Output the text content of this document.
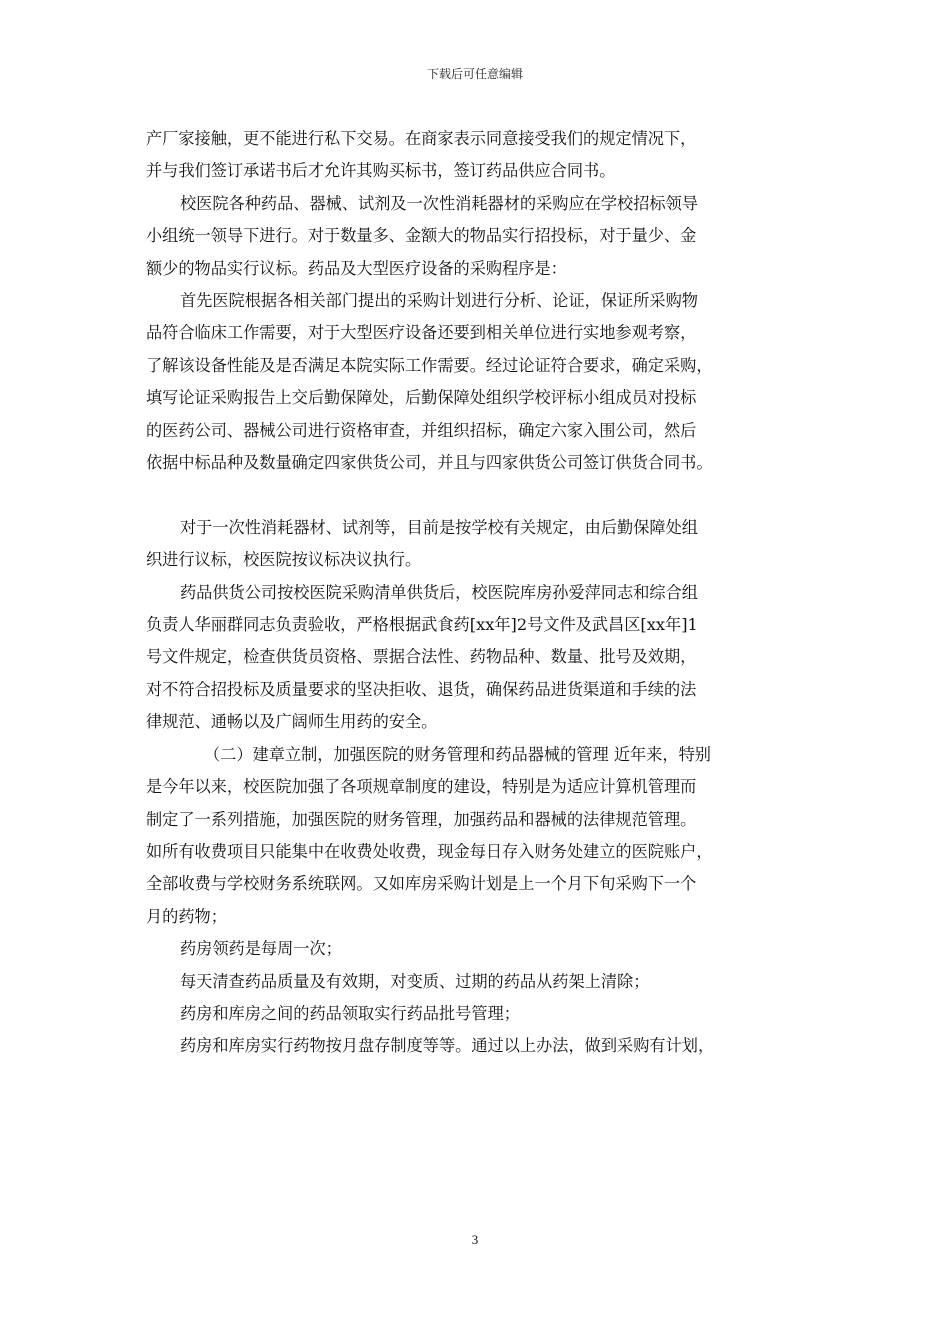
下载后可任意编辑

产厂家接触，更不能进行私下交易。在商家表示同意接受我们的规定情况下，

并与我们签订承诺书后才允许其购买标书，签订药品供应合同书。

校医院各种药品、器械、试剂及一次性消耗器材的采购应在学校招标领导

小组统一领导下进行。对于数量多、金额大的物品实行招投标，对于量少、金

额少的物品实行议标。药品及大型医疗设备的采购程序是：

首先医院根据各相关部门提出的采购计划进行分析、论证，保证所采购物

品符合临床工作需要，对于大型医疗设备还要到相关单位进行实地参观考察，

了解该设备性能及是否满足本院实际工作需要。经过论证符合要求，确定采购，

填写论证采购报告上交后勤保障处，后勤保障处组织学校评标小组成员对投标

的医药公司、器械公司进行资格审查，并组织招标，确定六家入围公司，然后

依据中标品种及数量确定四家供货公司，并且与四家供货公司签订供货合同书。

对于一次性消耗器材、试剂等，目前是按学校有关规定，由后勤保障处组

织进行议标，校医院按议标决议执行。

药品供货公司按校医院采购清单供货后，校医院库房孙爱萍同志和综合组

负责人华丽群同志负责验收，严格根据武食药[xx年]2号文件及武昌区[xx年]1

号文件规定，检查供货员资格、票据合法性、药物品种、数量、批号及效期，

对不符合招投标及质量要求的坚决拒收、退货，确保药品进货渠道和手续的法

律规范、通畅以及广阔师生用药的安全。

（二）建章立制，加强医院的财务管理和药品器械的管理 近年来，特别

是今年以来，校医院加强了各项规章制度的建设，特别是为适应计算机管理而

制定了一系列措施，加强医院的财务管理，加强药品和器械的法律规范管理。

如所有收费项目只能集中在收费处收费，现金每日存入财务处建立的医院账户，

全部收费与学校财务系统联网。又如库房采购计划是上一个月下旬采购下一个

月的药物；

药房领药是每周一次；

每天清查药品质量及有效期，对变质、过期的药品从药架上清除；

药房和库房之间的药品领取实行药品批号管理；

药房和库房实行药物按月盘存制度等等。通过以上办法，做到采购有计划，

3
